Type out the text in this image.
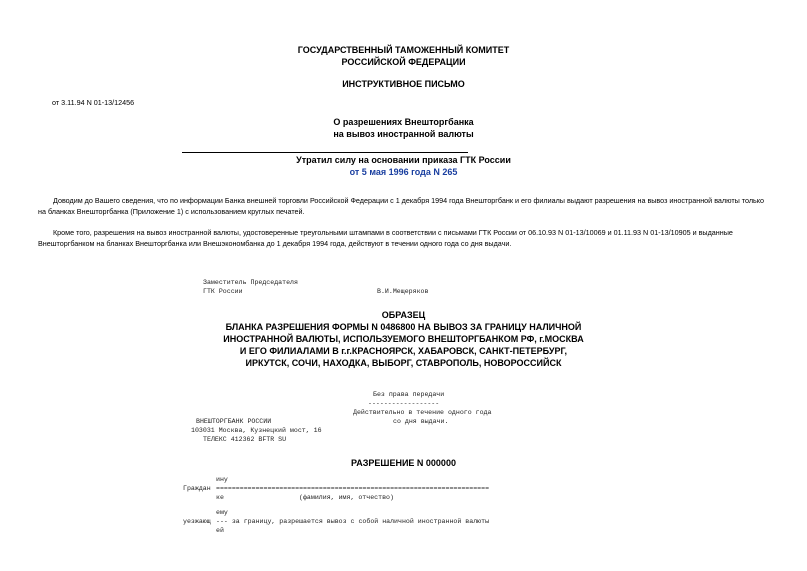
ГОСУДАРСТВЕННЫЙ ТАМОЖЕННЫЙ КОМИТЕТ
РОССИЙСКОЙ ФЕДЕРАЦИИ
ИНСТРУКТИВНОЕ ПИСЬМО
от 3.11.94 N 01-13/12456
О разрешениях Внешторгбанка
на вывоз иностранной валюты
Утратил силу на основании приказа ГТК России
от 5 мая 1996 года N 265
Доводим до Вашего сведения, что по информации Банка внешней торговли Российской Федерации с 1 декабря 1994 года Внешторгбанк и его филиалы выдают разрешения на вывоз иностранной валюты только
на бланках Внешторгбанка (Приложение 1) с использованием круглых печатей.
Кроме того, разрешения на вывоз иностранной валюты, удостоверенные треугольными штампами в соответствии с письмами ГТК России от 06.10.93 N 01-13/10069 и 01.11.93 N 01-13/10905 и выданные
Внешторгбанком на бланках Внешторгбанка или Внешэкономбанка до 1 декабря 1994 года, действуют в течении одного года со дня выдачи.
Заместитель Председателя
ГТК России	В.И.Мещеряков
ОБРАЗЕЦ
БЛАНКА РАЗРЕШЕНИЯ ФОРМЫ N 0486800 НА ВЫВОЗ ЗА ГРАНИЦУ НАЛИЧНОЙ
ИНОСТРАННОЙ ВАЛЮТЫ, ИСПОЛЬЗУЕМОГО ВНЕШТОРГБАНКОМ РФ, г.МОСКВА
И ЕГО ФИЛИАЛАМИ В г.г.КРАСНОЯРСК, ХАБАРОВСК, САНКТ-ПЕТЕРБУРГ,
ИРКУТСК, СОЧИ, НАХОДКА, ВЫБОРГ, СТАВРОПОЛЬ, НОВОРОССИЙСК
Без права передачи
------------------
Действительно в течение одного года
со дня выдачи.
ВНЕШТОРГБАНК РОССИИ
103031 Москва, Кузнецкий мост, 16
ТЕЛЕКС 412362 BFTR SU
РАЗРЕШЕНИЕ N 000000
ину
Граждан =====================================================================
ке	(фамилия, имя, отчество)
ему
уезжающ --- за границу, разрешается вывоз с собой наличной иностранной валюты
ей
